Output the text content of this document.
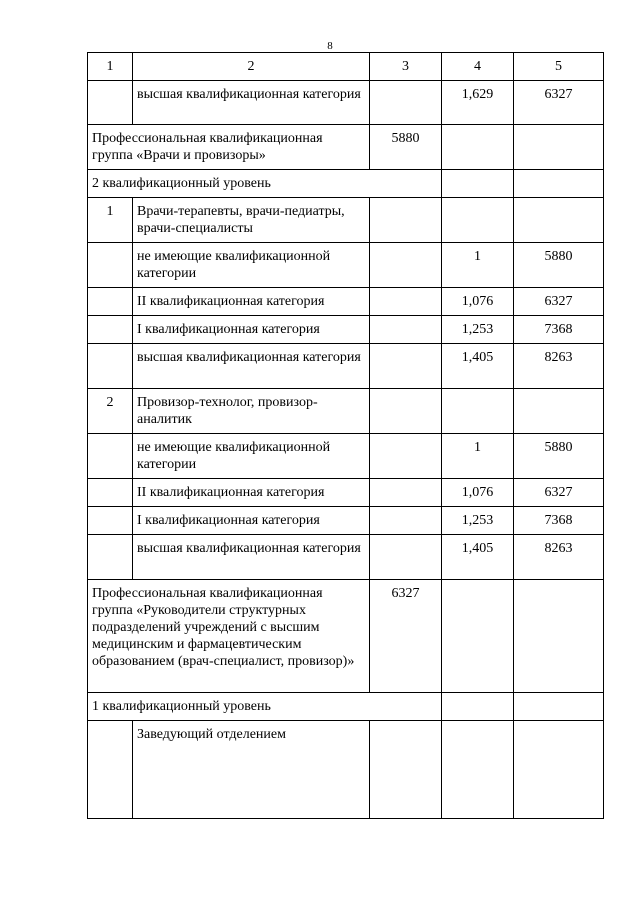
8
1	2	3	4	5
	высшая квалификационная категория		1,629	6327
Профессиональная квалификационная группа «Врачи и провизоры»		5880		
2 квалификационный уровень				
1	Врачи-терапевты, врачи-педиатры, врачи-специалисты			
	не имеющие квалификационной категории		1	5880
	II квалификационная категория		1,076	6327
	I квалификационная категория		1,253	7368
	высшая квалификационная категория		1,405	8263
2	Провизор-технолог, провизор-аналитик			
	не имеющие квалификационной категории		1	5880
	II квалификационная категория		1,076	6327
	I квалификационная категория		1,253	7368
	высшая квалификационная категория		1,405	8263
Профессиональная квалификационная группа «Руководители структурных подразделений учреждений с высшим медицинским и фармацевтическим образованием (врач-специалист, провизор)»		6327		
1 квалификационный уровень				
	Заведующий отделением			
